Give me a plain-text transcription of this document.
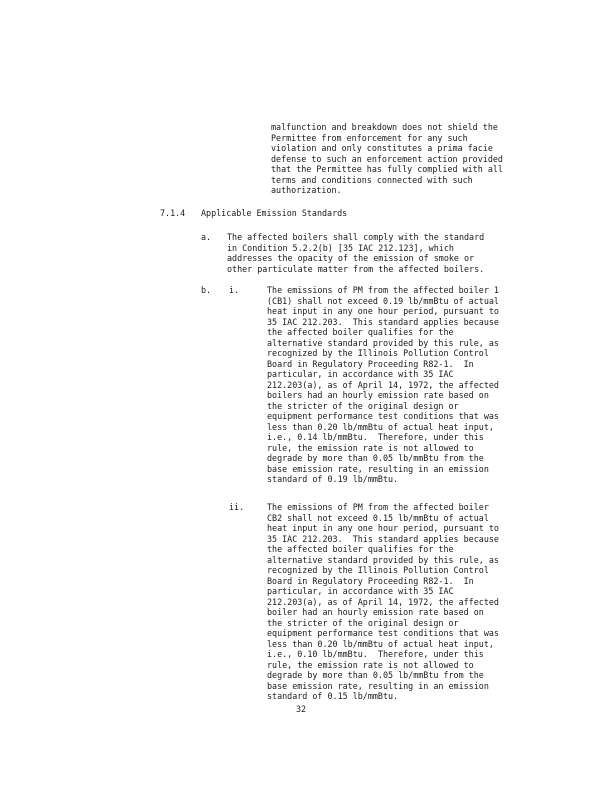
malfunction and breakdown does not shield the
Permittee from enforcement for any such
violation and only constitutes a prima facie
defense to such an enforcement action provided
that the Permittee has fully complied with all
terms and conditions connected with such
authorization.
7.1.4 Applicable Emission Standards
a. The affected boilers shall comply with the standard
in Condition 5.2.2(b) [35 IAC 212.123], which
addresses the opacity of the emission of smoke or
other particulate matter from the affected boilers.
b. i.	The emissions of PM from the affected boiler 1
(CB1) shall not exceed 0.19 lb/mmBtu of actual
heat input in any one hour period, pursuant to
35 IAC 212.203.  This standard applies because
the affected boiler qualifies for the
alternative standard provided by this rule, as
recognized by the Illinois Pollution Control
Board in Regulatory Proceeding R82-1.  In
particular, in accordance with 35 IAC
212.203(a), as of April 14, 1972, the affected
boilers had an hourly emission rate based on
the stricter of the original design or
equipment performance test conditions that was
less than 0.20 lb/mmBtu of actual heat input,
i.e., 0.14 lb/mmBtu.  Therefore, under this
rule, the emission rate is not allowed to
degrade by more than 0.05 lb/mmBtu from the
base emission rate, resulting in an emission
standard of 0.19 lb/mmBtu.
ii.	The emissions of PM from the affected boiler
CB2 shall not exceed 0.15 lb/mmBtu of actual
heat input in any one hour period, pursuant to
35 IAC 212.203.  This standard applies because
the affected boiler qualifies for the
alternative standard provided by this rule, as
recognized by the Illinois Pollution Control
Board in Regulatory Proceeding R82-1.  In
particular, in accordance with 35 IAC
212.203(a), as of April 14, 1972, the affected
boiler had an hourly emission rate based on
the stricter of the original design or
equipment performance test conditions that was
less than 0.20 lb/mmBtu of actual heat input,
i.e., 0.10 lb/mmBtu.  Therefore, under this
rule, the emission rate is not allowed to
degrade by more than 0.05 lb/mmBtu from the
base emission rate, resulting in an emission
standard of 0.15 lb/mmBtu.
32
